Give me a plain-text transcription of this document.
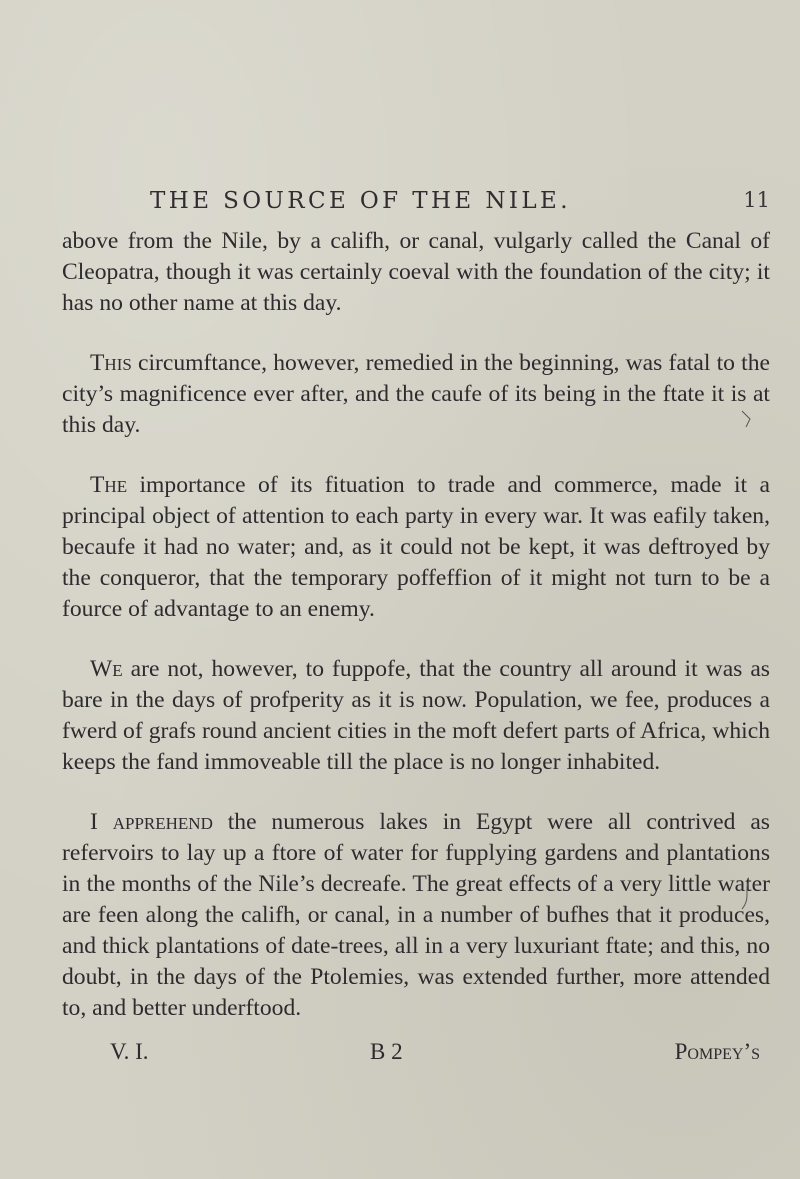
THE SOURCE OF THE NILE.	11

above from the Nile, by a califh, or canal, vulgarly called the Canal of Cleopatra, though it was certainly coeval with the foundation of the city; it has no other name at this day.

This circumftance, however, remedied in the beginning, was fatal to the city’s magnificence ever after, and the caufe of its being in the ftate it is at this day.

The importance of its fituation to trade and commerce, made it a principal object of attention to each party in every war. It was eafily taken, becaufe it had no water; and, as it could not be kept, it was deftroyed by the conqueror, that the temporary poffeffion of it might not turn to be a fource of advantage to an enemy.

We are not, however, to fuppofe, that the country all around it was as bare in the days of profperity as it is now. Population, we fee, produces a fwerd of grafs round ancient cities in the moft defert parts of Africa, which keeps the fand immoveable till the place is no longer inhabited.

I apprehend the numerous lakes in Egypt were all contrived as refervoirs to lay up a ftore of water for fupplying gardens and plantations in the months of the Nile’s decreafe. The great effects of a very little water are feen along the califh, or canal, in a number of bufhes that it produces, and thick plantations of date-trees, all in a very luxuriant ftate; and this, no doubt, in the days of the Ptolemies, was extended further, more attended to, and better underftood.

V. I.	B 2	Pompey’s
